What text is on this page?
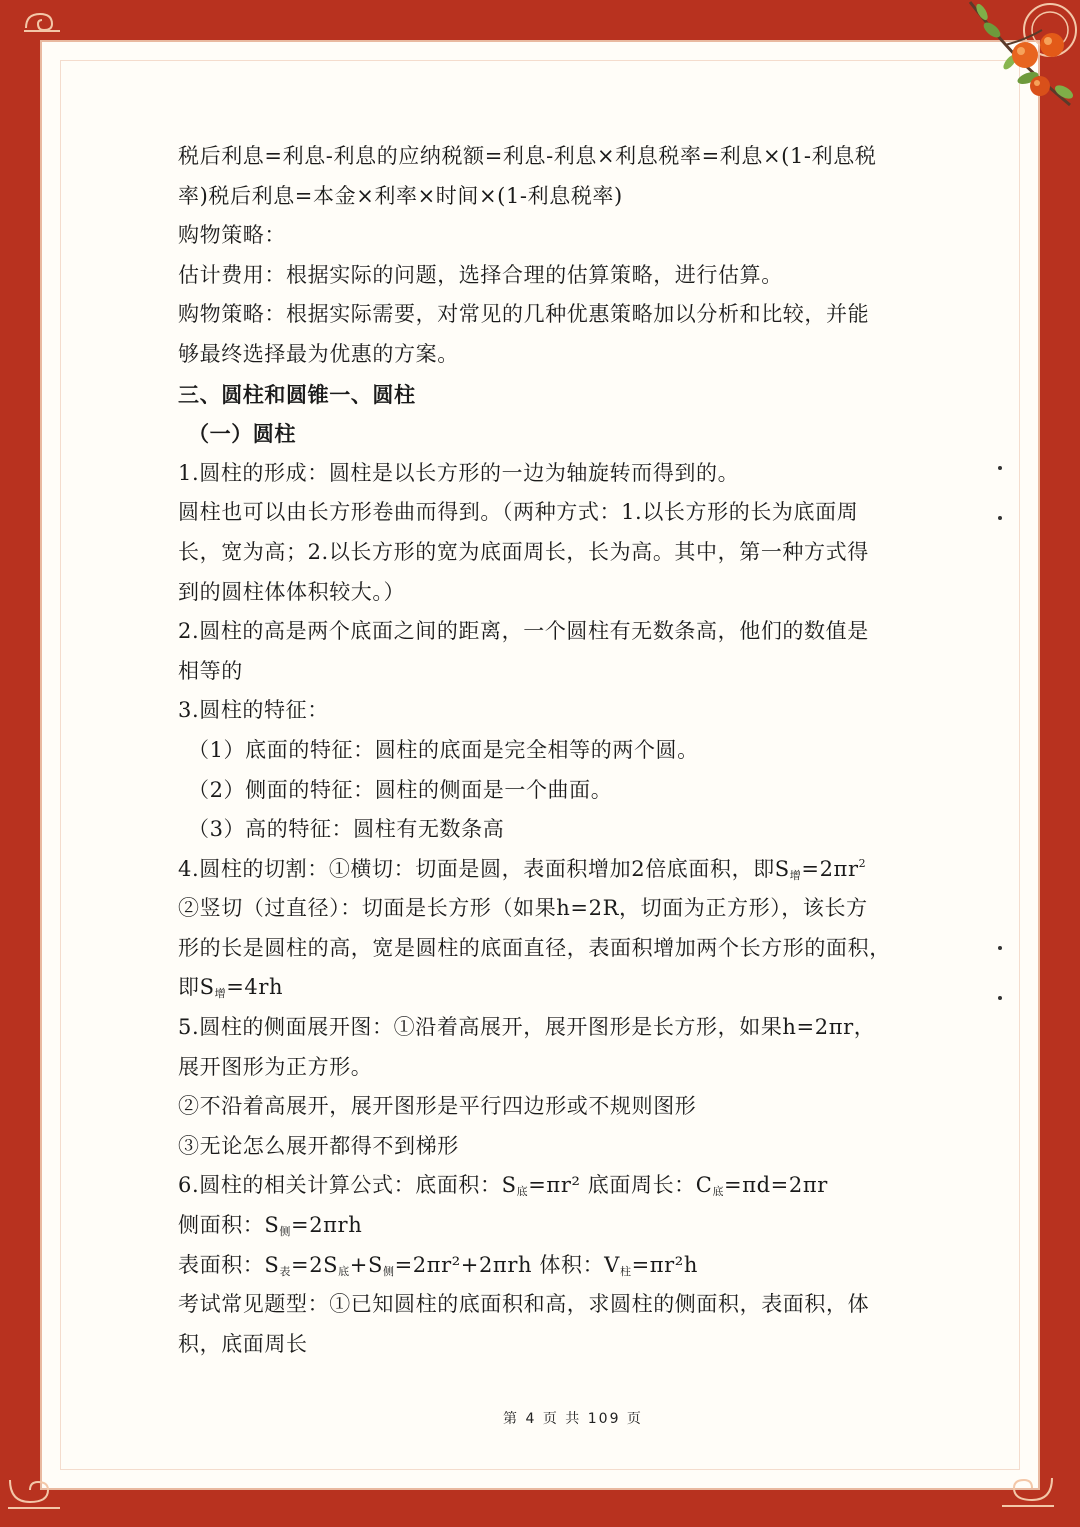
税后利息=利息-利息的应纳税额=利息-利息×利息税率=利息×(1-利息税
率)税后利息=本金×利率×时间×(1-利息税率)
购物策略：
估计费用：根据实际的问题，选择合理的估算策略，进行估算。
购物策略：根据实际需要，对常见的几种优惠策略加以分析和比较，并能
够最终选择最为优惠的方案。
三、圆柱和圆锥一、圆柱
（一）圆柱
1.圆柱的形成：圆柱是以长方形的一边为轴旋转而得到的。
圆柱也可以由长方形卷曲而得到。（两种方式：1.以长方形的长为底面周
长，宽为高；2.以长方形的宽为底面周长，长为高。其中，第一种方式得
到的圆柱体体积较大。）
2.圆柱的高是两个底面之间的距离，一个圆柱有无数条高，他们的数值是
相等的
3.圆柱的特征：
（1）底面的特征：圆柱的底面是完全相等的两个圆。
（2）侧面的特征：圆柱的侧面是一个曲面。
（3）高的特征：圆柱有无数条高
4.圆柱的切割：①横切：切面是圆，表面积增加2倍底面积，即$S_增=2\pi r^2$
②竖切（过直径）：切面是长方形（如果h=2R，切面为正方形），该长方
形的长是圆柱的高，宽是圆柱的底面直径，表面积增加两个长方形的面积，
即$S_增=4rh$
5.圆柱的侧面展开图：①沿着高展开，展开图形是长方形，如果h=2πr，
展开图形为正方形。
②不沿着高展开，展开图形是平行四边形或不规则图形
③无论怎么展开都得不到梯形
6.圆柱的相关计算公式：底面积：$S_底=\pi r^2$ 底面周长：$C_底=\pi d=2\pi r$
侧面积：$S_侧=2\pi rh$
表面积：$S_表=2S_底+S_侧=2\pi r^2+2\pi rh$ 体积：$V_柱=\pi r^2h$
考试常见题型：①已知圆柱的底面积和高，求圆柱的侧面积，表面积，体
积，底面周长
第 4 页 共 109 页
